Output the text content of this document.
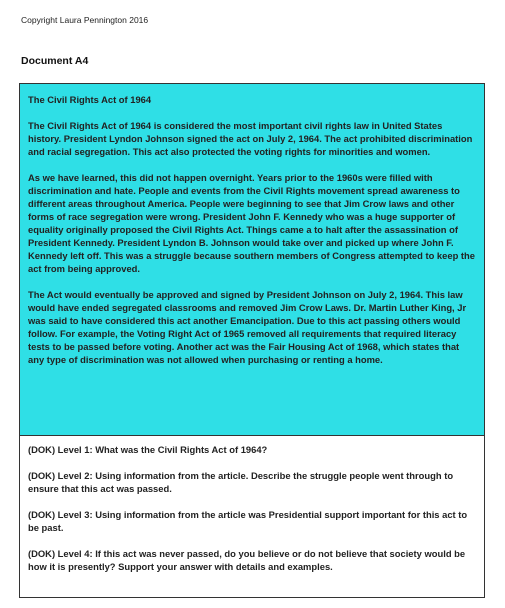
Copyright Laura Pennington 2016
Document A4

The Civil Rights Act of 1964

The Civil Rights Act of 1964 is considered the most important civil rights law in United States history. President Lyndon Johnson signed the act on July 2, 1964. The act prohibited discrimination and racial segregation. This act also protected the voting rights for minorities and women.

As we have learned, this did not happen overnight. Years prior to the 1960s were filled with discrimination and hate. People and events from the Civil Rights movement spread awareness to different areas throughout America. People were beginning to see that Jim Crow laws and other forms of race segregation were wrong. President John F. Kennedy who was a huge supporter of equality originally proposed the Civil Rights Act. Things came a to halt after the assassination of President Kennedy. President Lyndon B. Johnson would take over and picked up where John F. Kennedy left off. This was a struggle because southern members of Congress attempted to keep the act from being approved.

The Act would eventually be approved and signed by President Johnson on July 2, 1964. This law would have ended segregated classrooms and removed Jim Crow Laws. Dr. Martin Luther King, Jr was said to have considered this act another Emancipation. Due to this act passing others would follow. For example, the Voting Right Act of 1965 removed all requirements that required literacy tests to be passed before voting. Another act was the Fair Housing Act of 1968, which states that any type of discrimination was not allowed when purchasing or renting a home.

(DOK) Level 1: What was the Civil Rights Act of 1964?

(DOK) Level 2: Using information from the article. Describe the struggle people went through to ensure that this act was passed.

(DOK) Level 3: Using information from the article was Presidential support important for this act to be past.

(DOK) Level 4: If this act was never passed, do you believe or do not believe that society would be how it is presently? Support your answer with details and examples.
